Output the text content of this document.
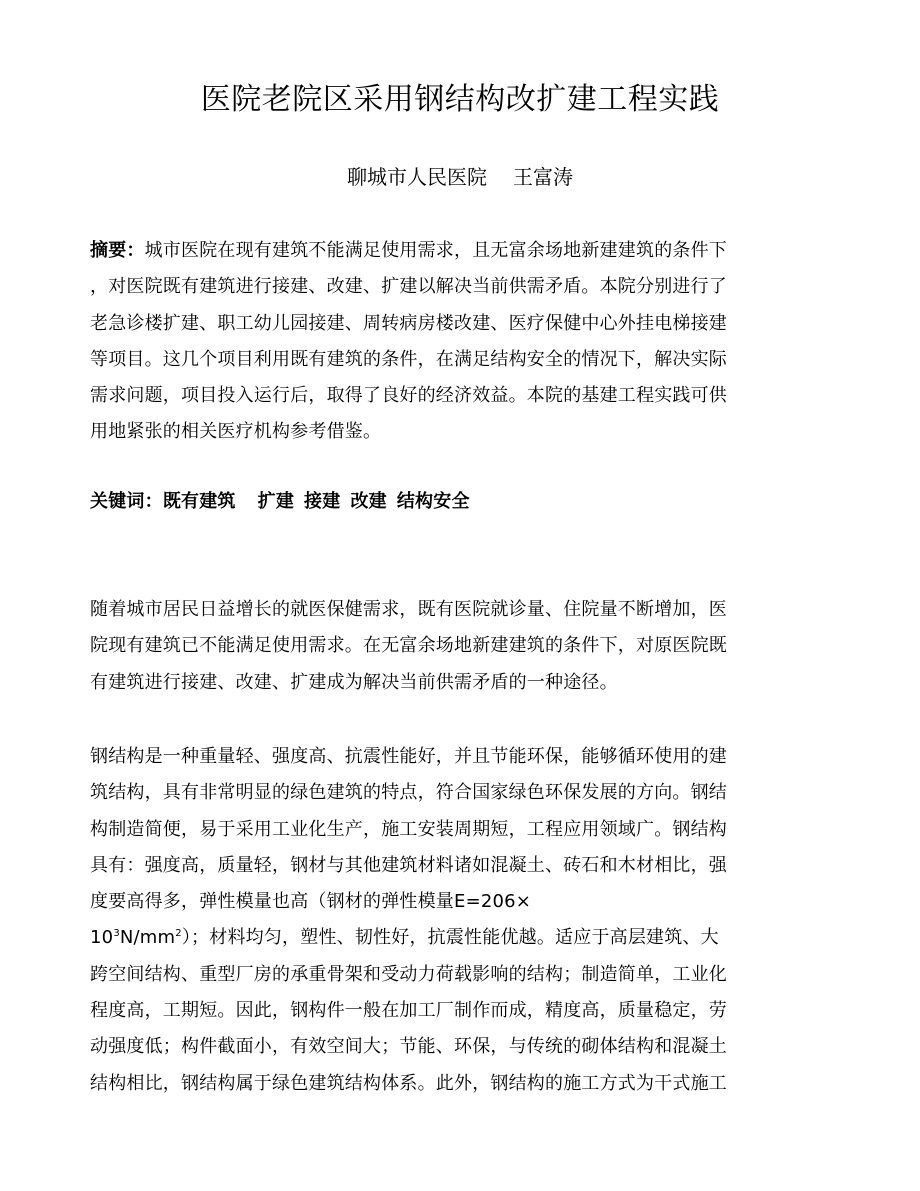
医院老院区采用钢结构改扩建工程实践
聊城市人民医院 王富涛
摘要：城市医院在现有建筑不能满足使用需求，且无富余场地新建建筑的条件下
，对医院既有建筑进行接建、改建、扩建以解决当前供需矛盾。本院分别进行了
老急诊楼扩建、职工幼儿园接建、周转病房楼改建、医疗保健中心外挂电梯接建
等项目。这几个项目利用既有建筑的条件，在满足结构安全的情况下，解决实际
需求问题，项目投入运行后，取得了良好的经济效益。本院的基建工程实践可供
用地紧张的相关医疗机构参考借鉴。
关键词：既有建筑 扩建 接建 改建 结构安全
随着城市居民日益增长的就医保健需求，既有医院就诊量、住院量不断增加，医
院现有建筑已不能满足使用需求。在无富余场地新建建筑的条件下，对原医院既
有建筑进行接建、改建、扩建成为解决当前供需矛盾的一种途径。
钢结构是一种重量轻、强度高、抗震性能好，并且节能环保，能够循环使用的建
筑结构，具有非常明显的绿色建筑的特点，符合国家绿色环保发展的方向。钢结
构制造简便，易于采用工业化生产，施工安装周期短，工程应用领域广。钢结构
具有：强度高，质量轻，钢材与其他建筑材料诸如混凝土、砖石和木材相比，强
度要高得多，弹性模量也高（钢材的弹性模量E=206×
$10^3N/mm^2$）；材料均匀，塑性、韧性好，抗震性能优越。适应于高层建筑、大
跨空间结构、重型厂房的承重骨架和受动力荷载影响的结构；制造简单，工业化
程度高，工期短。因此，钢构件一般在加工厂制作而成，精度高，质量稳定，劳
动强度低；构件截面小，有效空间大；节能、环保，与传统的砌体结构和混凝土
结构相比，钢结构属于绿色建筑结构体系。此外，钢结构的施工方式为干式施工
